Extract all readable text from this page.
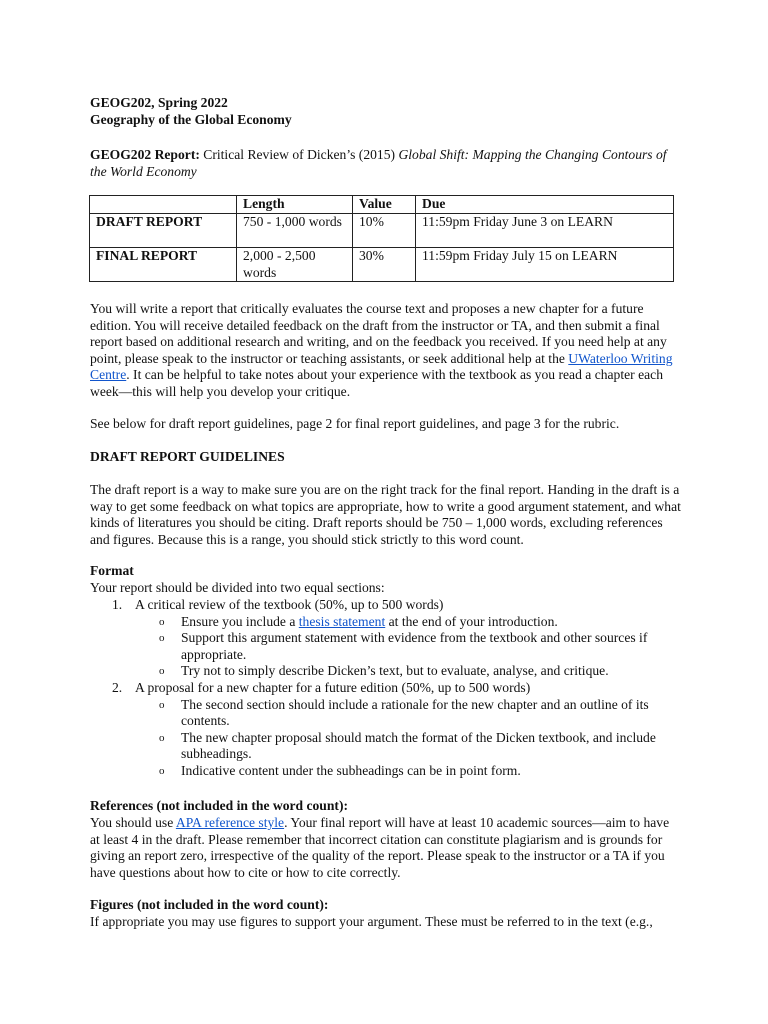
GEOG202, Spring 2022
Geography of the Global Economy

GEOG202 Report: Critical Review of Dicken’s (2015) Global Shift: Mapping the Changing Contours of the World Economy

	Length	Value	Due
DRAFT REPORT	750 - 1,000 words	10%	11:59pm Friday June 3 on LEARN
FINAL REPORT	2,000 - 2,500 words	30%	11:59pm Friday July 15 on LEARN

You will write a report that critically evaluates the course text and proposes a new chapter for a future edition. You will receive detailed feedback on the draft from the instructor or TA, and then submit a final report based on additional research and writing, and on the feedback you received. If you need help at any point, please speak to the instructor or teaching assistants, or seek additional help at the UWaterloo Writing Centre. It can be helpful to take notes about your experience with the textbook as you read a chapter each week—this will help you develop your critique.

See below for draft report guidelines, page 2 for final report guidelines, and page 3 for the rubric.

DRAFT REPORT GUIDELINES

The draft report is a way to make sure you are on the right track for the final report. Handing in the draft is a way to get some feedback on what topics are appropriate, how to write a good argument statement, and what kinds of literatures you should be citing. Draft reports should be 750 – 1,000 words, excluding references and figures. Because this is a range, you should stick strictly to this word count.

Format

Your report should be divided into two equal sections:

1. A critical review of the textbook (50%, up to 500 words)
o Ensure you include a thesis statement at the end of your introduction.
o Support this argument statement with evidence from the textbook and other sources if appropriate.
o Try not to simply describe Dicken’s text, but to evaluate, analyse, and critique.
2. A proposal for a new chapter for a future edition (50%, up to 500 words)
o The second section should include a rationale for the new chapter and an outline of its contents.
o The new chapter proposal should match the format of the Dicken textbook, and include subheadings.
o Indicative content under the subheadings can be in point form.

References (not included in the word count):

You should use APA reference style. Your final report will have at least 10 academic sources—aim to have at least 4 in the draft. Please remember that incorrect citation can constitute plagiarism and is grounds for giving an report zero, irrespective of the quality of the report. Please speak to the instructor or a TA if you have questions about how to cite or how to cite correctly.

Figures (not included in the word count):

If appropriate you may use figures to support your argument. These must be referred to in the text (e.g.,
